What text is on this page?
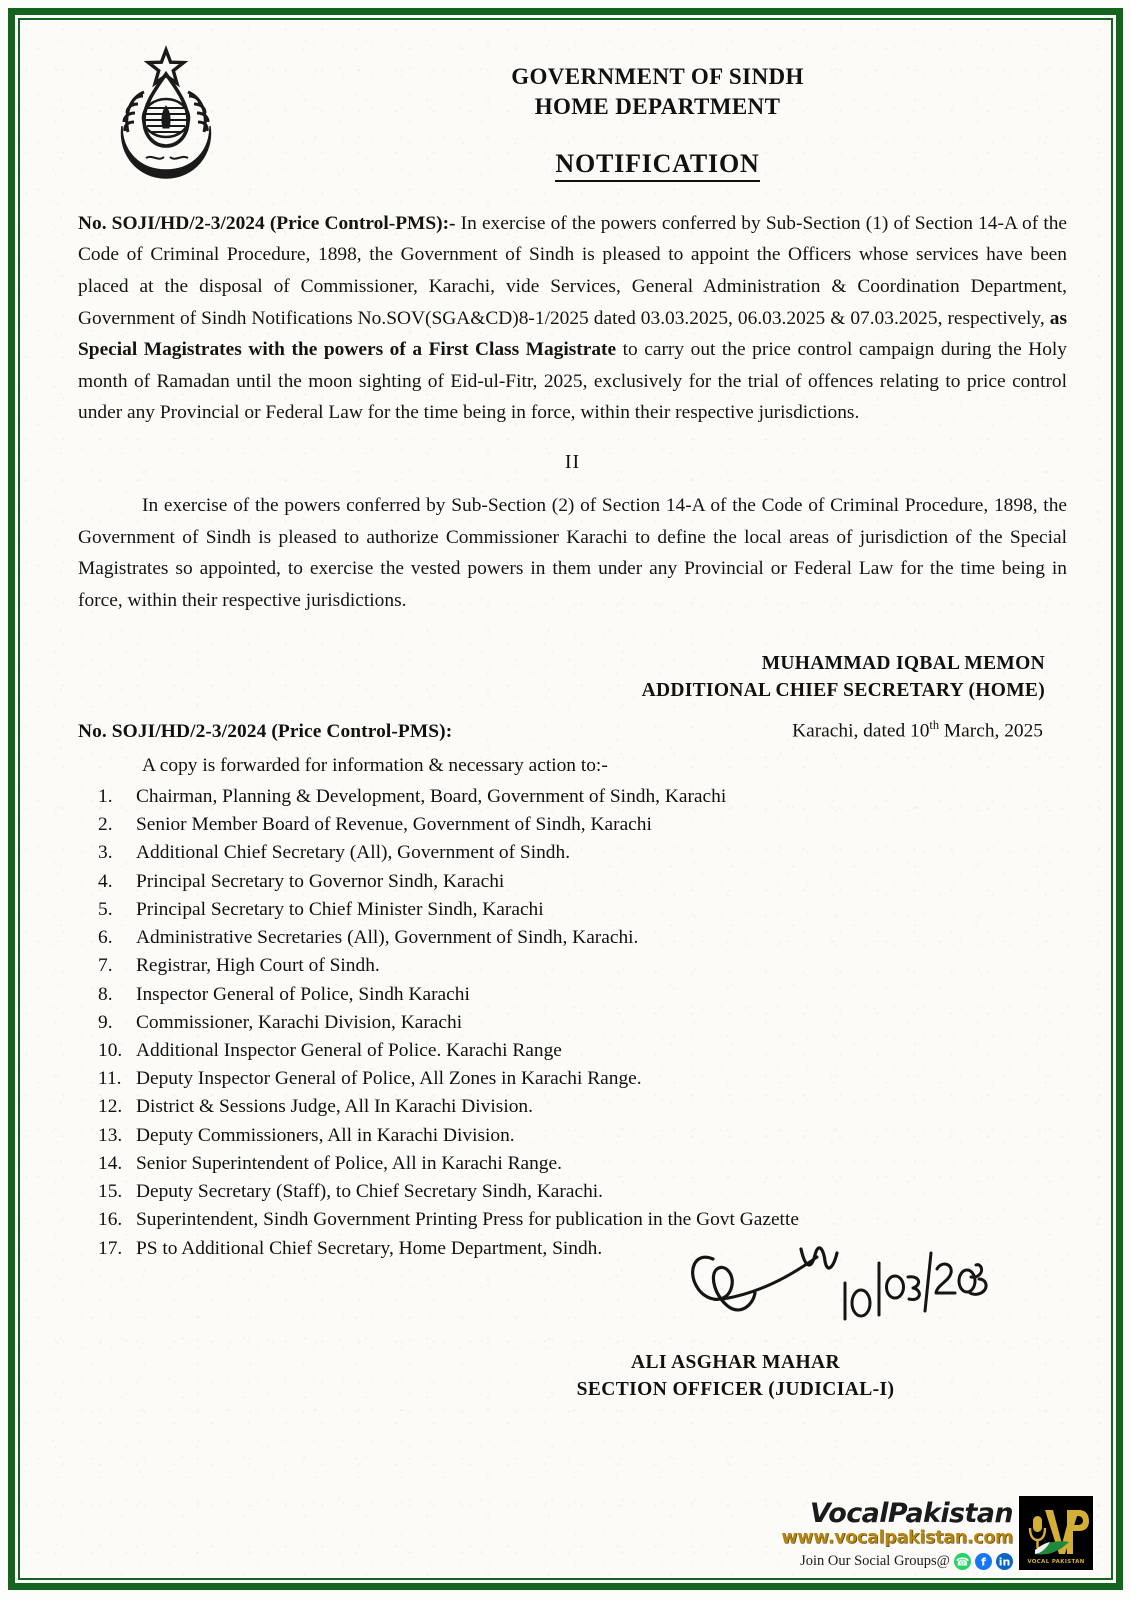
GOVERNMENT OF SINDH
HOME DEPARTMENT
NOTIFICATION

No. SOJI/HD/2-3/2024 (Price Control-PMS):- In exercise of the powers conferred by Sub-Section (1) of Section 14-A of the Code of Criminal Procedure, 1898, the Government of Sindh is pleased to appoint the Officers whose services have been placed at the disposal of Commissioner, Karachi, vide Services, General Administration & Coordination Department, Government of Sindh Notifications No.SOV(SGA&CD)8-1/2025 dated 03.03.2025, 06.03.2025 & 07.03.2025, respectively, as Special Magistrates with the powers of a First Class Magistrate to carry out the price control campaign during the Holy month of Ramadan until the moon sighting of Eid-ul-Fitr, 2025, exclusively for the trial of offences relating to price control under any Provincial or Federal Law for the time being in force, within their respective jurisdictions.

II

In exercise of the powers conferred by Sub-Section (2) of Section 14-A of the Code of Criminal Procedure, 1898, the Government of Sindh is pleased to authorize Commissioner Karachi to define the local areas of jurisdiction of the Special Magistrates so appointed, to exercise the vested powers in them under any Provincial or Federal Law for the time being in force, within their respective jurisdictions.

MUHAMMAD IQBAL MEMON
ADDITIONAL CHIEF SECRETARY (HOME)
No. SOJI/HD/2-3/2024 (Price Control-PMS):	Karachi, dated 10th March, 2025
A copy is forwarded for information & necessary action to:-
1.	Chairman, Planning & Development, Board, Government of Sindh, Karachi
2.	Senior Member Board of Revenue, Government of Sindh, Karachi
3.	Additional Chief Secretary (All), Government of Sindh.
4.	Principal Secretary to Governor Sindh, Karachi
5.	Principal Secretary to Chief Minister Sindh, Karachi
6.	Administrative Secretaries (All), Government of Sindh, Karachi.
7.	Registrar, High Court of Sindh.
8.	Inspector General of Police, Sindh Karachi
9.	Commissioner, Karachi Division, Karachi
10. Additional Inspector General of Police. Karachi Range
11. Deputy Inspector General of Police, All Zones in Karachi Range.
12. District & Sessions Judge, All In Karachi Division.
13. Deputy Commissioners, All in Karachi Division.
14. Senior Superintendent of Police, All in Karachi Range.
15. Deputy Secretary (Staff), to Chief Secretary Sindh, Karachi.
16. Superintendent, Sindh Government Printing Press for publication in the Govt Gazette
17. PS to Additional Chief Secretary, Home Department, Sindh.
ALI ASGHAR MAHAR
SECTION OFFICER (JUDICIAL-I)
VocalPakistan
www.vocalpakistan.com
Join Our Social Groups@ ☎	f	in	VOCAL PAKISTAN
